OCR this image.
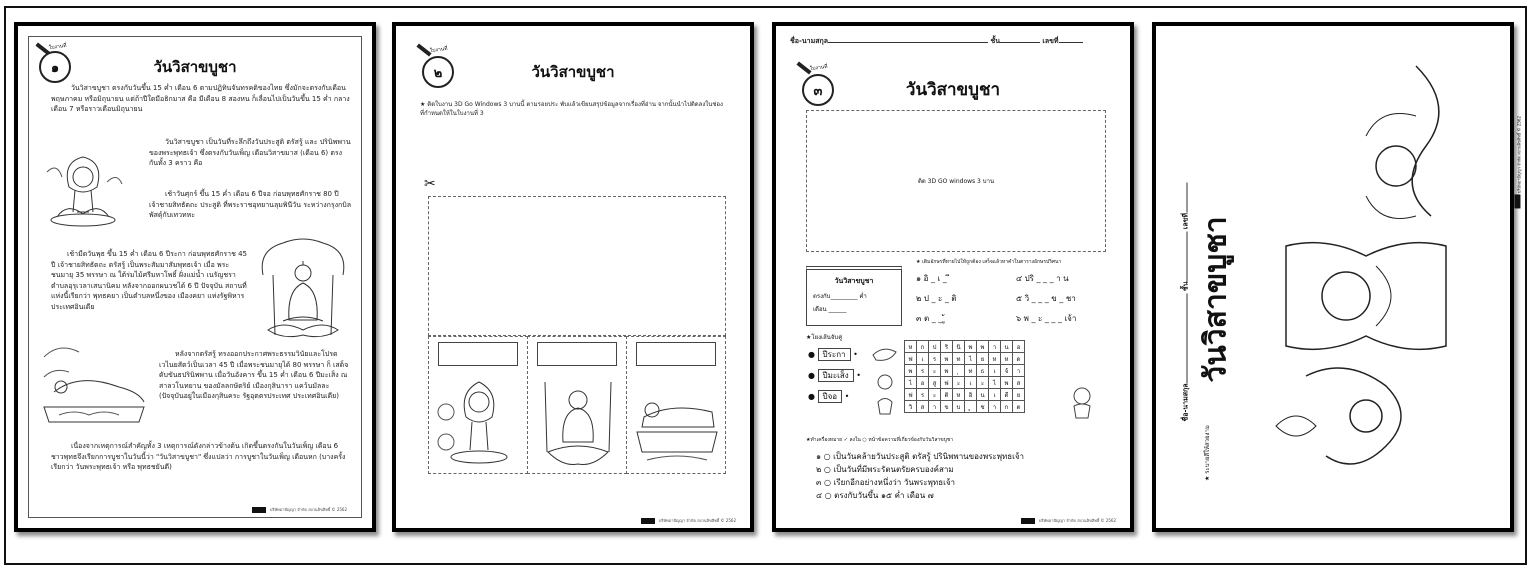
ใบงานที่
๑	วันวิสาขบูชา
วันวิสาขบูชา ตรงกับวันขึ้น 15 ค่ำ เดือน 6 ตามปฏิทินจันทรคติของไทย ซึ่งมักจะตรงกับเดือนพฤษภาคม หรือมิถุนายน แต่ถ้าปีใดมีอธิกมาส คือ มีเดือน 8 สองหน ก็เลื่อนไปเป็นวันขึ้น 15 ค่ำ กลางเดือน 7 หรือราวเดือนมิถุนายน
วันวิสาขบูชา เป็นวันที่ระลึกถึงวันประสูติ ตรัสรู้ และ ปรินิพพานของพระพุทธเจ้า ซึ่งตรงกับวันเพ็ญ เดือนวิสาขมาส (เดือน 6) ตรงกันทั้ง 3 คราว คือ
เช้าวันศุกร์ ขึ้น 15 ค่ำ เดือน 6 ปีจอ ก่อนพุทธศักราช 80 ปี เจ้าชายสิทธัตถะ ประสูติ ที่พระราชอุทยานลุมพินีวัน ระหว่างกรุงกบิลพัสดุ์กับเทวทหะ
เช้ามืดวันพุธ ขึ้น 15 ค่ำ เดือน 6 ปีระกา ก่อนพุทธศักราช 45 ปี เจ้าชายสิทธัตถะ ตรัสรู้ เป็นพระสัมมาสัมพุทธเจ้า เมื่อ พระชนมายุ 35 พรรษา ณ ใต้ร่มไม้ศรีมหาโพธิ์ ฝั่งแม่น้ำ เนรัญชรา ตำบลอุรุเวลาเสนานิคม หลังจากออกผนวชได้ 6 ปี ปัจจุบัน สถานที่แห่งนี้เรียกว่า พุทธคยา เป็นตำบลหนึ่งของ เมืองคยา แห่งรัฐพิหาร ประเทศอินเดีย
หลังจากตรัสรู้ ทรงออกประกาศพระธรรมวินัยและโปรด เวไนยสัตว์เป็นเวลา 45 ปี เมื่อพระชนมายุได้ 80 พรรษา ก็ เสด็จดับขันธปรินิพพาน เมื่อวันอังคาร ขึ้น 15 ค่ำ เดือน 6 ปีมะเส็ง ณ สาลวโนทยาน ของมัลลกษัตริย์ เมืองกุสินารา แคว้นมัลละ (ปัจจุบันอยู่ในเมืองกุสินคระ รัฐอุตตรประเทศ ประเทศอินเดีย)
เนื่องจากเหตุการณ์สำคัญทั้ง 3 เหตุการณ์ดังกล่าวข้างต้น เกิดขึ้นตรงกันในวันเพ็ญ เดือน 6 ชาวพุทธจึงเรียกการบูชาในวันนี้ว่า "วันวิสาขบูชา" ซึ่งแปลว่า การบูชาในวันเพ็ญ เดือนหก (บางครั้งเรียกว่า วันพระพุทธเจ้า หรือ พุทธชยันตี)
บริษัทอาปัญญา จำกัด สงวนลิขสิทธิ์ © 2562
ใบงานที่
๒	วันวิสาขบูชา
★ ติดใบงาน 3D Go Windows 3 บานนี้ ตามรอยประ พับแล้วเขียนสรุปข้อมูลจากเรื่องที่อ่าน จากนั้นนำไปติดลงในช่องที่กำหนดให้ในใบงานที่ 3
✂
บริษัทอาปัญญา จำกัด สงวนลิขสิทธิ์ © 2562
ชื่อ-นามสกุล	ชั้น	เลขที่
ใบงานที่
๓	วันวิสาขบูชา
ติด 3D GO windows 3 บาน
วันวิสาขบูชา
ตรงกับ_________ ค่ำ
เดือน ______
★ เติมอักษรที่หายไปให้ถูกต้อง เสร็จแล้วหาคำในตารางอักษรปริศนา
๑ อิ _ เ _ ี
๒ ป _ ะ _ ติ
๓ ต _ _ ู้
๔ ปริ _ _ _ า น
๕ วิ _ _ _ ข _ ชา
๖ พ _ ะ _ _ _ เจ้า
★โยงเส้นจับคู่
● ปีระกา •
● ปีมะเส็ง •
● ปีจอ •
ห	ก	ป	ริ	นิ	พ	พ	า	น	อ
ฟ	เ	ร	พ	ท	ไ	ย	ห	ห	ด
พ	ร	ะ	พ		ท	ธ	เ	จ้	า
ไ	อ	สู	ฟ	ะ	เ	ะ	ไ	พ	ส
ฟ	ร	ะ	ติ	ห	อิ	น	เ	ดี	ย
วิ	ส	า	ข	บ		ช	า	ก	ต
★ทำเครื่องหมาย ✓ ลงใน ○ หน้าข้อความที่เกี่ยวข้องกับวันวิสาขบูชา
๑ ○ เป็นวันคล้ายวันประสูติ ตรัสรู้ ปรินิพพานของพระพุทธเจ้า
๒ ○ เป็นวันที่มีพระรัตนตรัยครบองค์สาม
๓ ○ เรียกอีกอย่างหนึ่งว่า วันพระพุทธเจ้า
๔ ○ ตรงกับวันขึ้น ๑๕ ค่ำ เดือน ๗
บริษัทอาปัญญา จำกัด สงวนลิขสิทธิ์ © 2562
วันวิสาขบูชา
ชื่อ-นามสกุล ชั้น เลขที่
★ ระบายสีให้สวยงาม
บริษัทอาปัญญา จำกัด สงวนลิขสิทธิ์ © 2562
